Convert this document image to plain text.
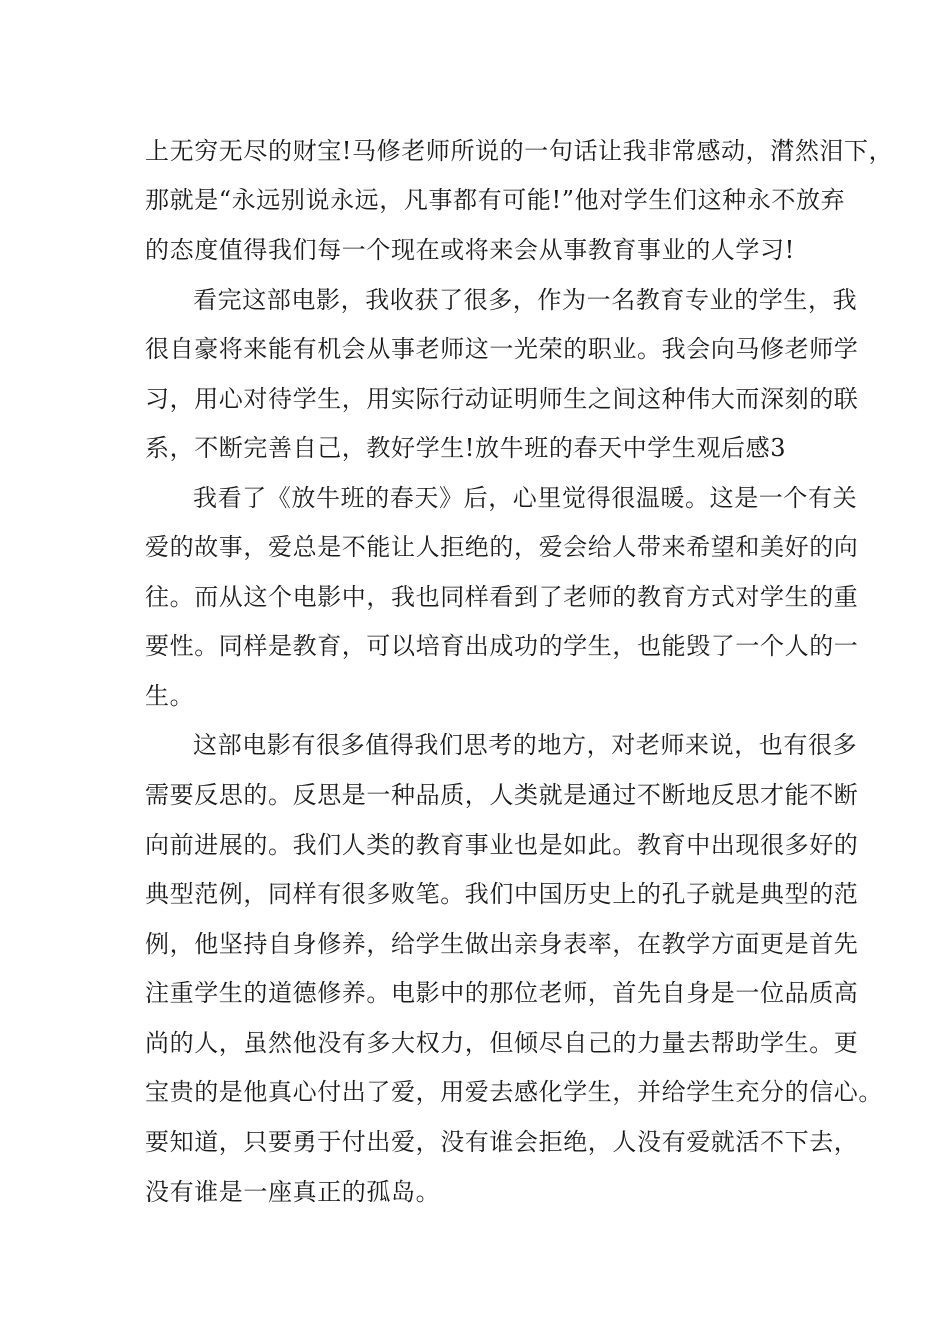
上无穷无尽的财宝!马修老师所说的一句话让我非常感动，潸然泪下，

那就是“永远别说永远，凡事都有可能!”他对学生们这种永不放弃

的态度值得我们每一个现在或将来会从事教育事业的人学习!

看完这部电影，我收获了很多，作为一名教育专业的学生，我

很自豪将来能有机会从事老师这一光荣的职业。我会向马修老师学

习，用心对待学生，用实际行动证明师生之间这种伟大而深刻的联

系，不断完善自己，教好学生!放牛班的春天中学生观后感3

我看了《放牛班的春天》后，心里觉得很温暖。这是一个有关

爱的故事，爱总是不能让人拒绝的，爱会给人带来希望和美好的向

往。而从这个电影中，我也同样看到了老师的教育方式对学生的重

要性。同样是教育，可以培育出成功的学生，也能毁了一个人的一

生。

这部电影有很多值得我们思考的地方，对老师来说，也有很多

需要反思的。反思是一种品质，人类就是通过不断地反思才能不断

向前进展的。我们人类的教育事业也是如此。教育中出现很多好的

典型范例，同样有很多败笔。我们中国历史上的孔子就是典型的范

例，他坚持自身修养，给学生做出亲身表率，在教学方面更是首先

注重学生的道德修养。电影中的那位老师，首先自身是一位品质高

尚的人，虽然他没有多大权力，但倾尽自己的力量去帮助学生。更

宝贵的是他真心付出了爱，用爱去感化学生，并给学生充分的信心。

要知道，只要勇于付出爱，没有谁会拒绝，人没有爱就活不下去，

没有谁是一座真正的孤岛。
